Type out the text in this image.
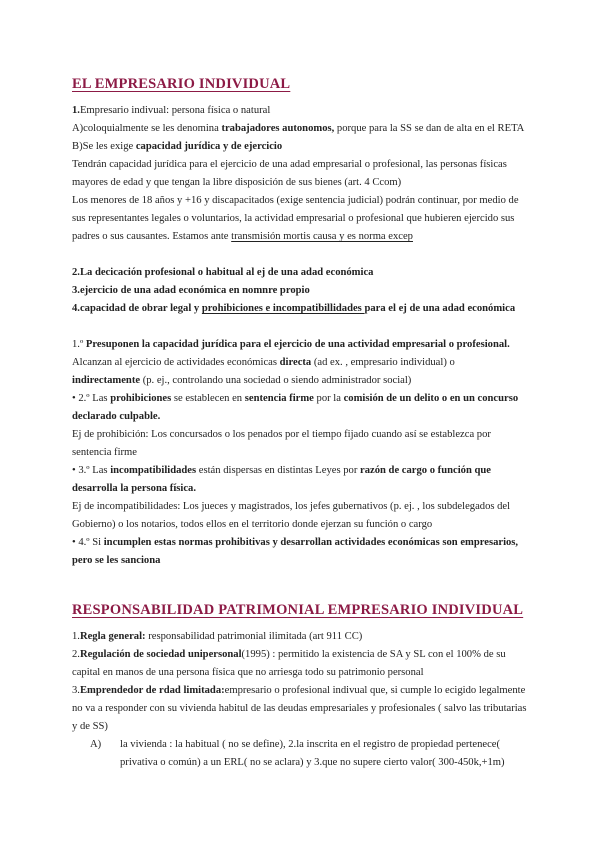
EL EMPRESARIO INDIVIDUAL

1.Empresario indivual: persona física o natural

A)coloquialmente se les denomina trabajadores autonomos, porque para la SS se dan de alta en el RETA

B)Se les exige capacidad jurídica y de ejercicio

Tendrán capacidad jurídica para el ejercicio de una adad empresarial o profesional, las personas físicas mayores de edad y que tengan la libre disposición de sus bienes (art. 4 Ccom)

Los menores de 18 años y +16 y discapacitados (exige sentencia judicial) podrán continuar, por medio de sus representantes legales o voluntarios, la actividad empresarial o profesional que hubieren ejercido sus padres o sus causantes. Estamos ante transmisión mortis causa y es norma excep

2.La decicación profesional o habitual al ej de una adad económica

3.ejercicio de una adad económica en nomnre propio

4.capacidad de obrar legal y prohibiciones e incompatibillidades para el ej de una adad económica

1.º Presuponen la capacidad jurídica para el ejercicio de una actividad empresarial o profesional.

Alcanzan al ejercicio de actividades económicas directa (ad ex. , empresario individual) o

indirectamente (p. ej., controlando una sociedad o siendo administrador social)

• 2.º Las prohibiciones se establecen en sentencia firme por la comisión de un delito o en un concurso declarado culpable.

Ej de prohibición: Los concursados o los penados por el tiempo fijado cuando así se establezca por sentencia firme

• 3.º Las incompatibilidades están dispersas en distintas Leyes por razón de cargo o función que desarrolla la persona física.

Ej de incompatibilidades: Los jueces y magistrados, los jefes gubernativos (p. ej. , los subdelegados del Gobierno) o los notarios, todos ellos en el territorio donde ejerzan su función o cargo

• 4.º Si incumplen estas normas prohibitivas y desarrollan actividades económicas son empresarios, pero se les sanciona

RESPONSABILIDAD PATRIMONIAL EMPRESARIO INDIVIDUAL

1.Regla general: responsabilidad patrimonial ilimitada (art 911 CC)

2.Regulación de sociedad unipersonal(1995) : permitido la existencia de SA y SL con el 100% de su capital en manos de una persona física que no arriesga todo su patrimonio personal

3.Emprendedor de rdad limitada:empresario o profesional indivual que, si cumple lo ecigido legalmente no va a responder con su vivienda habitul de las deudas empresariales y profesionales ( salvo las tributarias y de SS)

A)	la vivienda : la habitual ( no se define), 2.la inscrita en el registro de propiedad pertenece( privativa o común) a un ERL( no se aclara) y 3.que no supere cierto valor( 300-450k,+1m)
